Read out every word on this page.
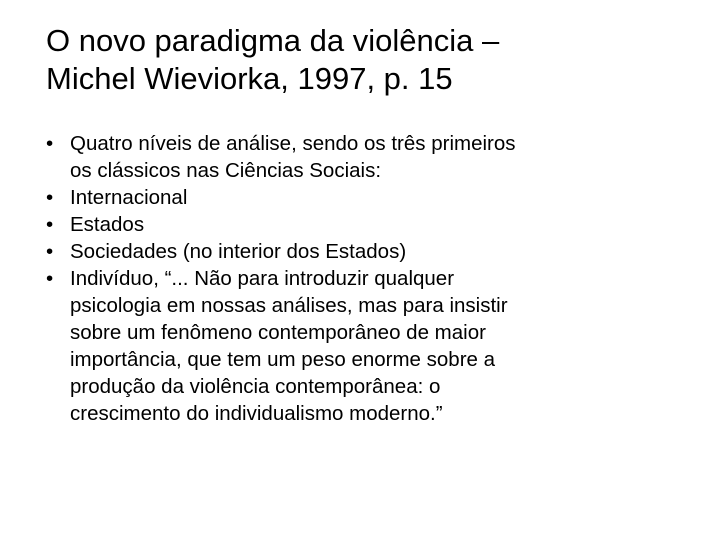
O novo paradigma da violência –
Michel Wieviorka, 1997, p. 15
• Quatro níveis de análise, sendo os três primeiros
os clássicos nas Ciências Sociais:
• Internacional
• Estados
• Sociedades (no interior dos Estados)
• Indivíduo, “... Não para introduzir qualquer
psicologia em nossas análises, mas para insistir
sobre um fenômeno contemporâneo de maior
importância, que tem um peso enorme sobre a
produção da violência contemporânea: o
crescimento do individualismo moderno.”
